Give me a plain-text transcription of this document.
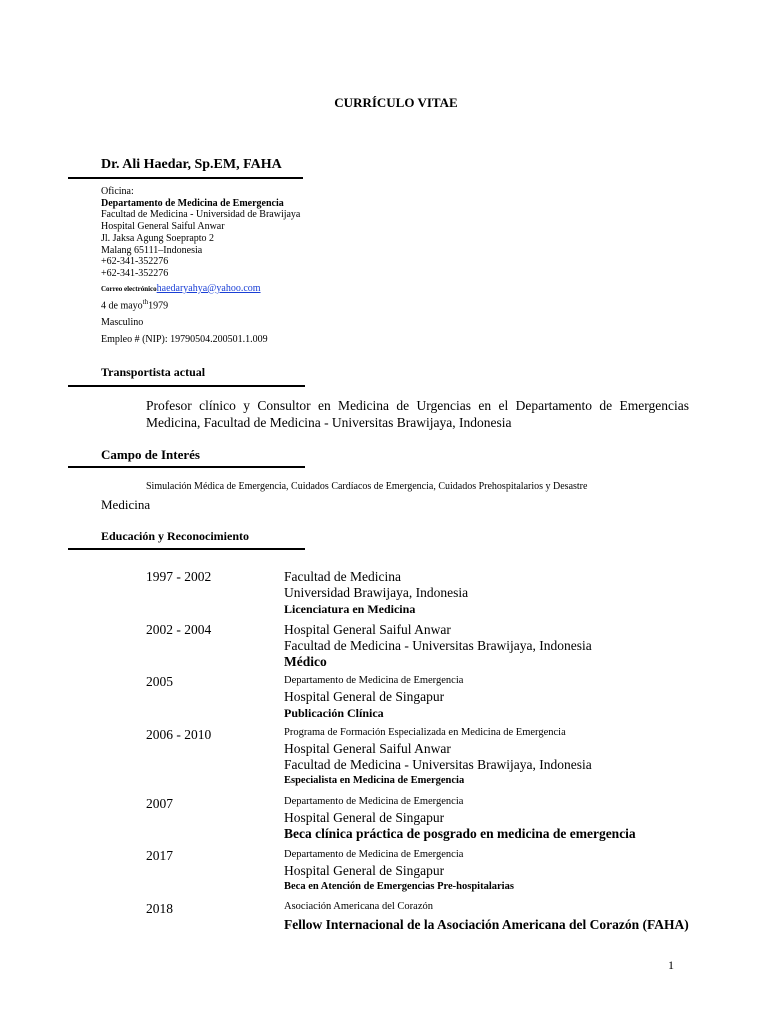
CURRÍCULO VITAE
Dr. Ali Haedar, Sp.EM, FAHA
Oficina:
Departamento de Medicina de Emergencia
Facultad de Medicina - Universidad de Brawijaya
Hospital General Saiful Anwar
Jl. Jaksa Agung Soeprapto 2
Malang 65111–Indonesia
+62-341-352276
+62-341-352276
Correo electrónicohaedaryahya@yahoo.com
4 de mayo$^{th}$1979
Masculino
Empleo # (NIP): 19790504.200501.1.009
Transportista actual
Profesor clínico y Consultor en Medicina de Urgencias en el Departamento de Emergencias
Medicina, Facultad de Medicina - Universitas Brawijaya, Indonesia
Campo de Interés
Simulación Médica de Emergencia, Cuidados Cardíacos de Emergencia, Cuidados Prehospitalarios y Desastre
Medicina
Educación y Reconocimiento
1997 - 2002	Facultad de Medicina
Universidad Brawijaya, Indonesia
Licenciatura en Medicina
2002 - 2004	Hospital General Saiful Anwar
Facultad de Medicina - Universitas Brawijaya, Indonesia
Médico
2005	Departamento de Medicina de Emergencia
Hospital General de Singapur
Publicación Clínica
2006 - 2010	Programa de Formación Especializada en Medicina de Emergencia
Hospital General Saiful Anwar
Facultad de Medicina - Universitas Brawijaya, Indonesia
Especialista en Medicina de Emergencia
2007	Departamento de Medicina de Emergencia
Hospital General de Singapur
Beca clínica práctica de posgrado en medicina de emergencia
2017	Departamento de Medicina de Emergencia
Hospital General de Singapur
Beca en Atención de Emergencias Pre-hospitalarias
2018	Asociación Americana del Corazón
Fellow Internacional de la Asociación Americana del Corazón (FAHA)
1
